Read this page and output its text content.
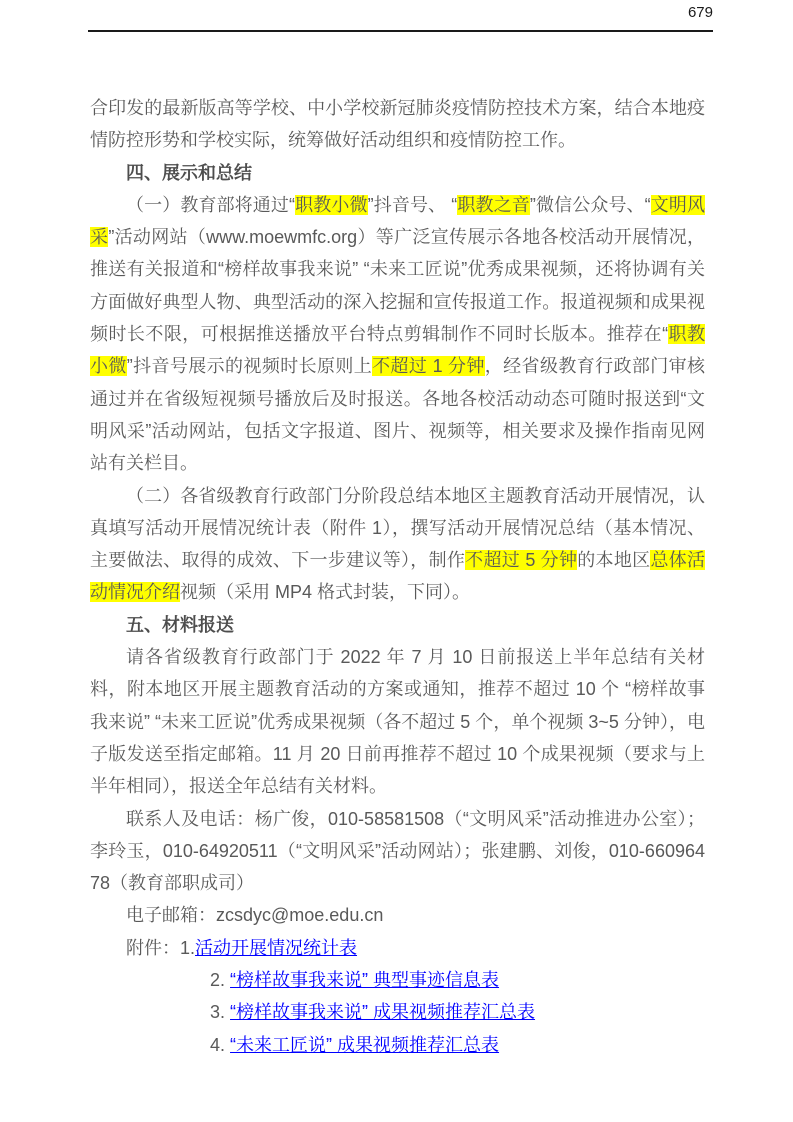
679

合印发的最新版高等学校、中小学校新冠肺炎疫情防控技术方案，结合本地疫情防控形势和学校实际，统筹做好活动组织和疫情防控工作。

四、展示和总结

（一）教育部将通过“职教小微”抖音号、 “职教之音”微信公众号、“文明风采”活动网站（www.moewmfc.org）等广泛宣传展示各地各校活动开展情况，推送有关报道和“榜样故事我来说” “未来工匠说”优秀成果视频，还将协调有关方面做好典型人物、典型活动的深入挖掘和宣传报道工作。报道视频和成果视频时长不限，可根据推送播放平台特点剪辑制作不同时长版本。推荐在“职教小微”抖音号展示的视频时长原则上不超过 1 分钟，经省级教育行政部门审核通过并在省级短视频号播放后及时报送。各地各校活动动态可随时报送到“文明风采”活动网站，包括文字报道、图片、视频等，相关要求及操作指南见网站有关栏目。

（二）各省级教育行政部门分阶段总结本地区主题教育活动开展情况，认真填写活动开展情况统计表（附件 1），撰写活动开展情况总结（基本情况、主要做法、取得的成效、下一步建议等），制作不超过 5 分钟的本地区总体活动情况介绍视频（采用 MP4 格式封装，下同）。

五、材料报送

请各省级教育行政部门于 2022 年 7 月 10 日前报送上半年总结有关材料，附本地区开展主题教育活动的方案或通知，推荐不超过 10 个 “榜样故事我来说” “未来工匠说”优秀成果视频（各不超过 5 个，单个视频 3~5 分钟），电子版发送至指定邮箱。11 月 20 日前再推荐不超过 10 个成果视频（要求与上半年相同），报送全年总结有关材料。

联系人及电话：杨广俊，010-58581508（“文明风采”活动推进办公室）；李玲玉，010-64920511（“文明风采”活动网站）；张建鹏、刘俊，010-66096478（教育部职成司）

电子邮箱：zcsdyc@moe.edu.cn

附件：1.活动开展情况统计表

2. “榜样故事我来说” 典型事迹信息表

3. “榜样故事我来说” 成果视频推荐汇总表

4. “未来工匠说” 成果视频推荐汇总表
